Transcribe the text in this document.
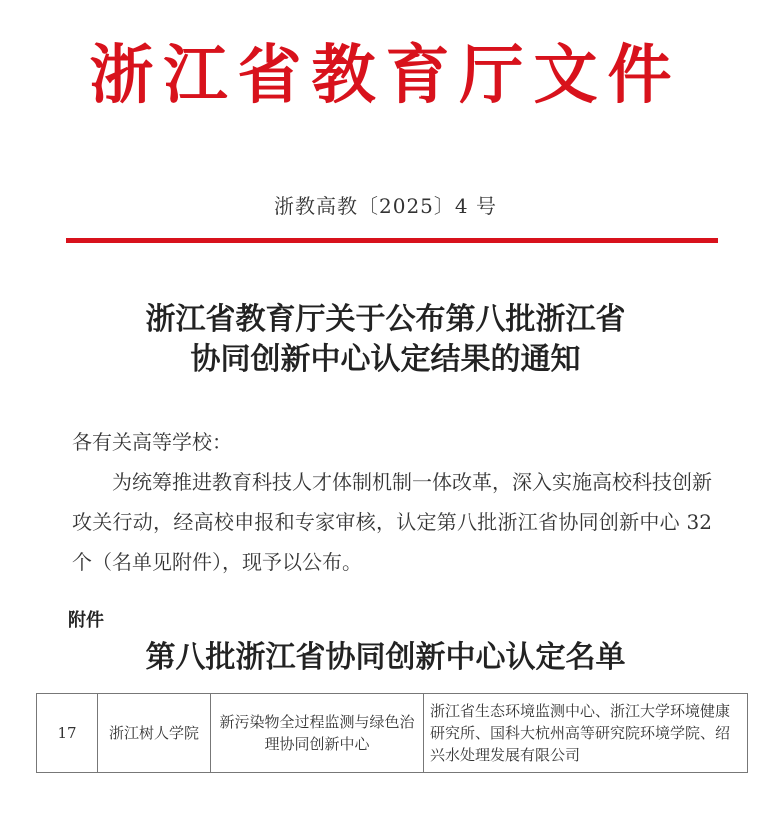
浙江省教育厅文件
浙教高教〔2025〕4 号
浙江省教育厅关于公布第八批浙江省
协同创新中心认定结果的通知
各有关高等学校：
为统筹推进教育科技人才体制机制一体改革，深入实施高校科技创新攻关行动，经高校申报和专家审核，认定第八批浙江省协同创新中心 32 个（名单见附件），现予以公布。
附件
第八批浙江省协同创新中心认定名单
17	浙江树人学院	新污染物全过程监测与绿色治理协同创新中心	浙江省生态环境监测中心、浙江大学环境健康研究所、国科大杭州高等研究院环境学院、绍兴水处理发展有限公司
